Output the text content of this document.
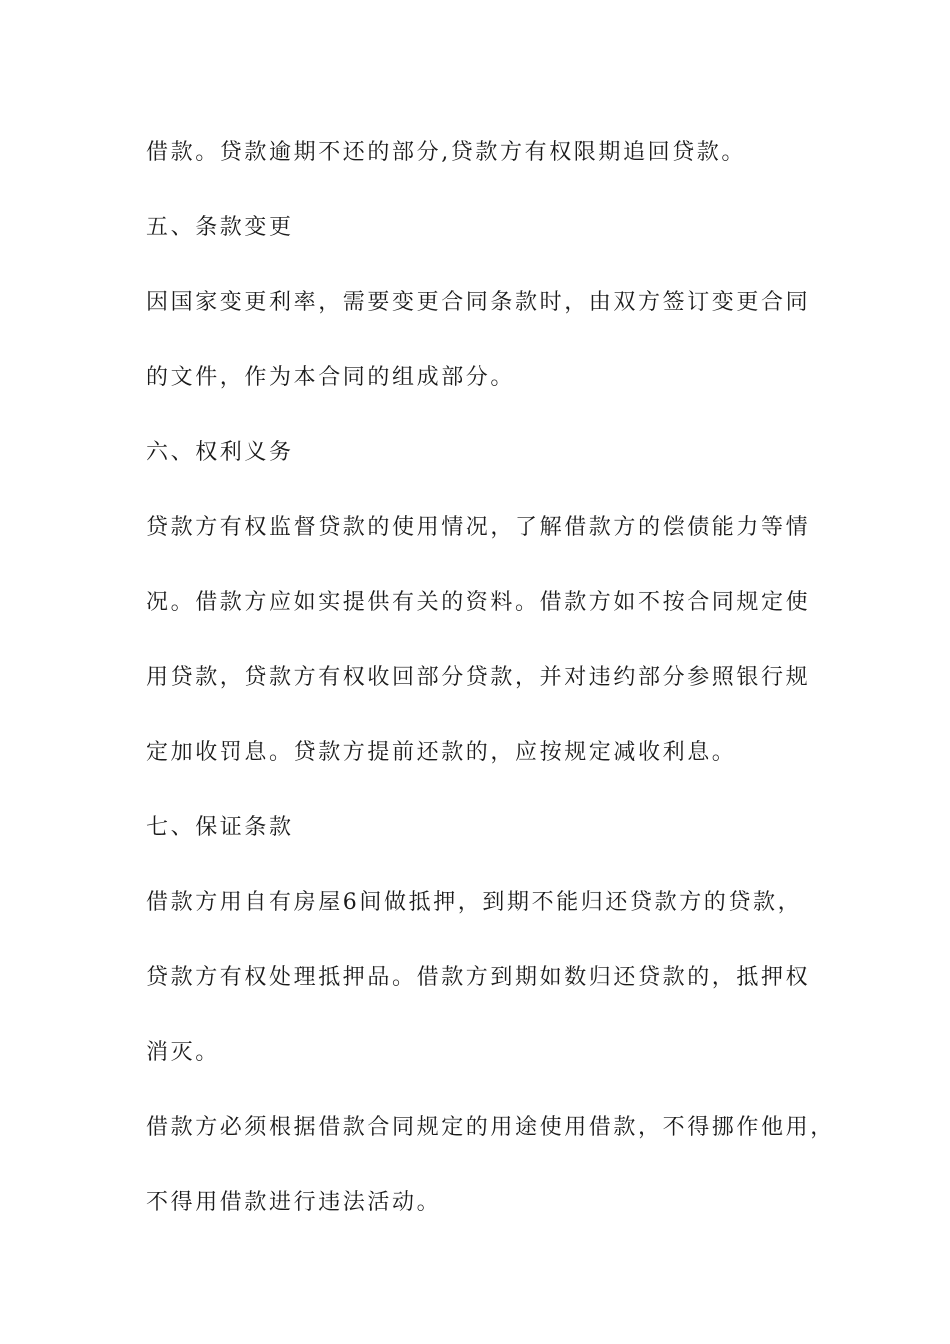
借款。贷款逾期不还的部分,贷款方有权限期追回贷款。
五、条款变更
因国家变更利率，需要变更合同条款时，由双方签订变更合同
的文件，作为本合同的组成部分。
六、权利义务
贷款方有权监督贷款的使用情况，了解借款方的偿债能力等情
况。借款方应如实提供有关的资料。借款方如不按合同规定使
用贷款，贷款方有权收回部分贷款，并对违约部分参照银行规
定加收罚息。贷款方提前还款的，应按规定减收利息。
七、保证条款
借款方用自有房屋6间做抵押，到期不能归还贷款方的贷款，
贷款方有权处理抵押品。借款方到期如数归还贷款的，抵押权
消灭。
借款方必须根据借款合同规定的用途使用借款，不得挪作他用，
不得用借款进行违法活动。
